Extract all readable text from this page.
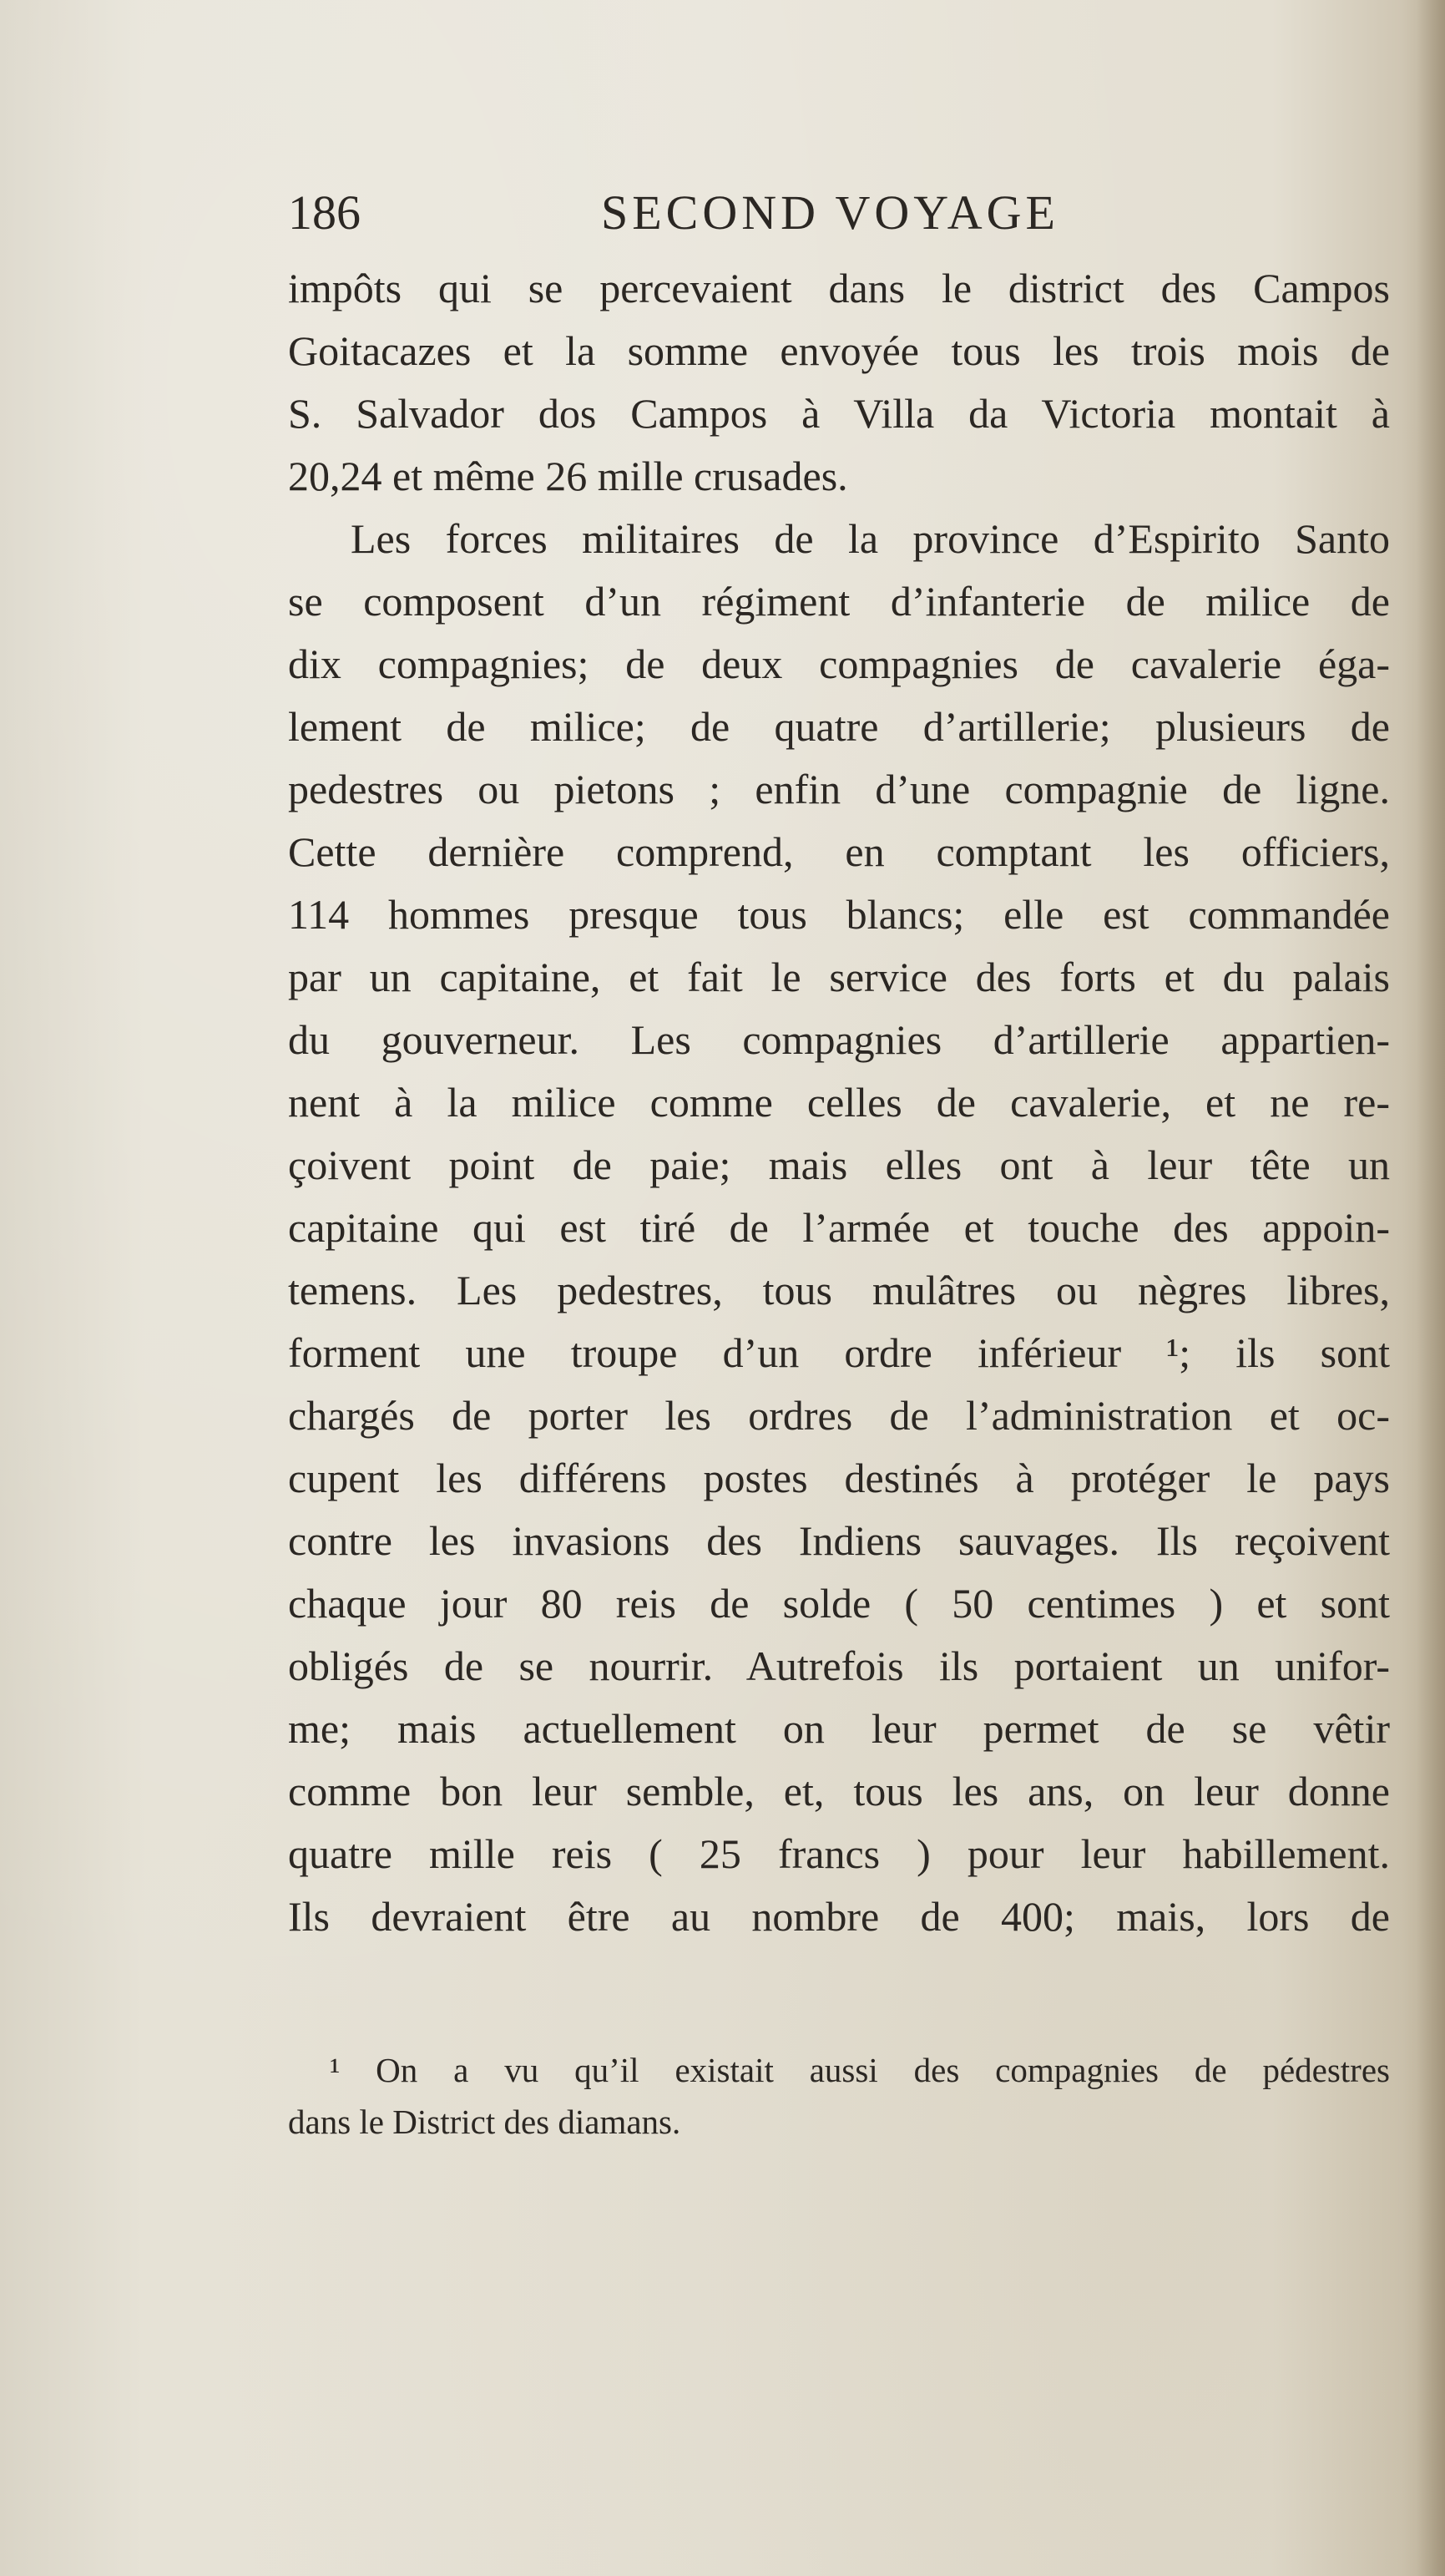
186	SECOND VOYAGE
impôts qui se percevaient dans le district des Campos
Goitacazes et la somme envoyée tous les trois mois de
S. Salvador dos Campos à Villa da Victoria montait à
20,24 et même 26 mille crusades.
Les forces militaires de la province d’Espirito Santo
se composent d’un régiment d’infanterie de milice de
dix compagnies; de deux compagnies de cavalerie éga-
lement de milice; de quatre d’artillerie; plusieurs de
pedestres ou pietons ; enfin d’une compagnie de ligne.
Cette dernière comprend, en comptant les officiers,
114 hommes presque tous blancs; elle est commandée
par un capitaine, et fait le service des forts et du palais
du gouverneur. Les compagnies d’artillerie appartien-
nent à la milice comme celles de cavalerie, et ne re-
çoivent point de paie; mais elles ont à leur tête un
capitaine qui est tiré de l’armée et touche des appoin-
temens. Les pedestres, tous mulâtres ou nègres libres,
forment une troupe d’un ordre inférieur ¹; ils sont
chargés de porter les ordres de l’administration et oc-
cupent les différens postes destinés à protéger le pays
contre les invasions des Indiens sauvages. Ils reçoivent
chaque jour 80 reis de solde ( 50 centimes ) et sont
obligés de se nourrir. Autrefois ils portaient un unifor-
me; mais actuellement on leur permet de se vêtir
comme bon leur semble, et, tous les ans, on leur donne
quatre mille reis ( 25 francs ) pour leur habillement.
Ils devraient être au nombre de 400; mais, lors de
¹ On a vu qu’il existait aussi des compagnies de pédestres
dans le District des diamans.
